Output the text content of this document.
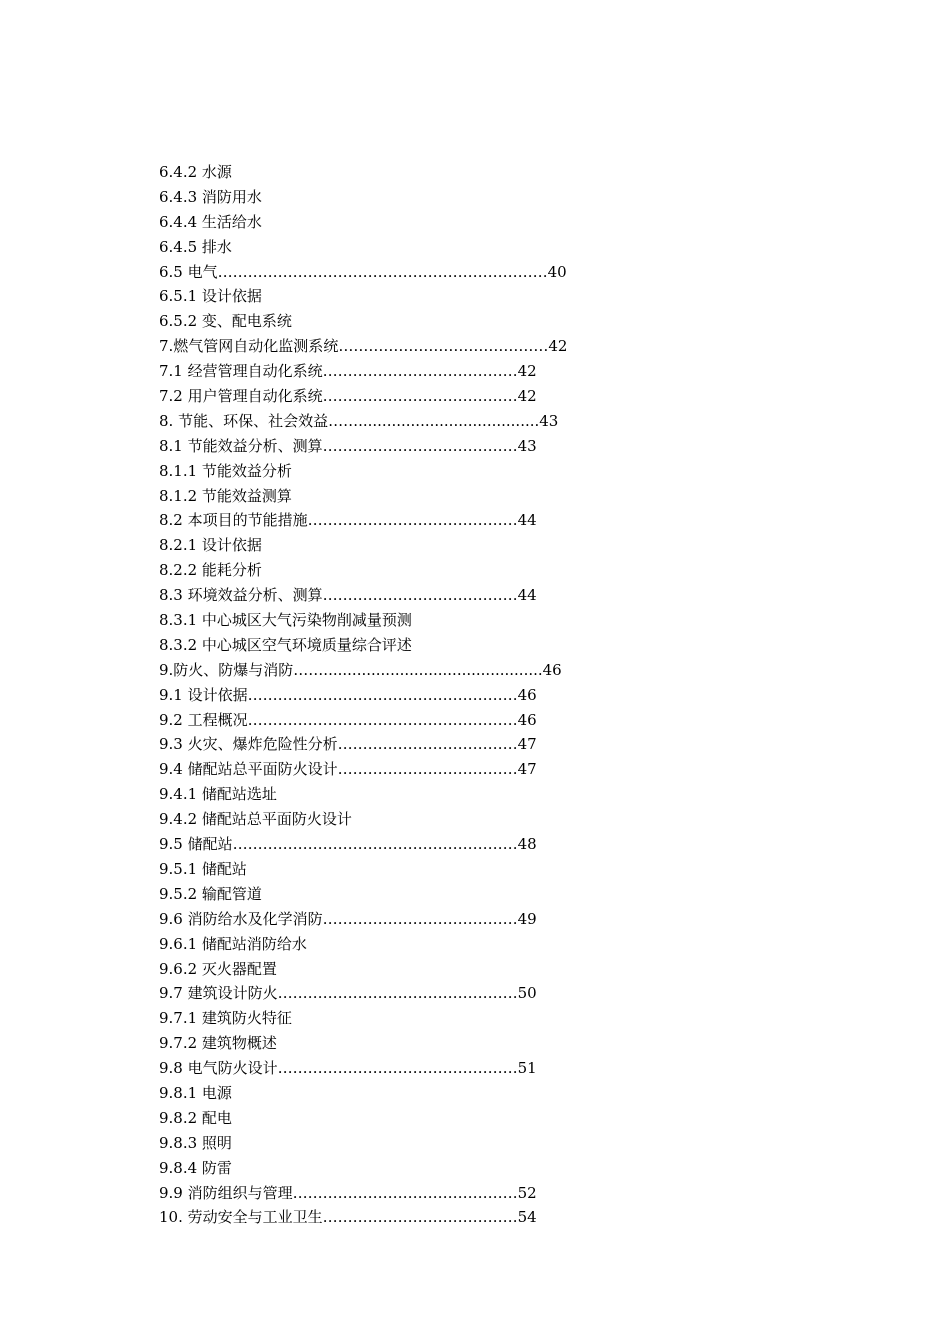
6.4.2 水源
6.4.3 消防用水
6.4.4 生活给水
6.4.5 排水
6.5 电气…………………………………………………………40
6.5.1 设计依据
6.5.2 变、配电系统
7.燃气管网自动化监测系统……………………………………42
7.1 经营管理自动化系统…………………………………42
7.2 用户管理自动化系统…………………………………42
8. 节能、环保、社会效益……......................................43
8.1 节能效益分析、测算…………………………………43
8.1.1 节能效益分析
8.1.2 节能效益测算
8.2 本项目的节能措施……………………………………44
8.2.1 设计依据
8.2.2 能耗分析
8.3 环境效益分析、测算…………………………………44
8.3.1 中心城区大气污染物削减量预测
8.3.2 中心城区空气环境质量综合评述
9.防火、防爆与消防……..............................................46
9.1 设计依据………………………………………………46
9.2 工程概况………………………………………………46
9.3 火灾、爆炸危险性分析………………………………47
9.4 储配站总平面防火设计………………………………47
9.4.1 储配站选址
9.4.2 储配站总平面防火设计
9.5 储配站…………………………………………………48
9.5.1 储配站
9.5.2 输配管道
9.6 消防给水及化学消防…………………………………49
9.6.1 储配站消防给水
9.6.2 灭火器配置
9.7 建筑设计防火…………………………………………50
9.7.1 建筑防火特征
9.7.2 建筑物概述
9.8 电气防火设计…………………………………………51
9.8.1 电源
9.8.2 配电
9.8.3 照明
9.8.4 防雷
9.9 消防组织与管理………………………………………52
10. 劳动安全与工业卫生…………………………………54
